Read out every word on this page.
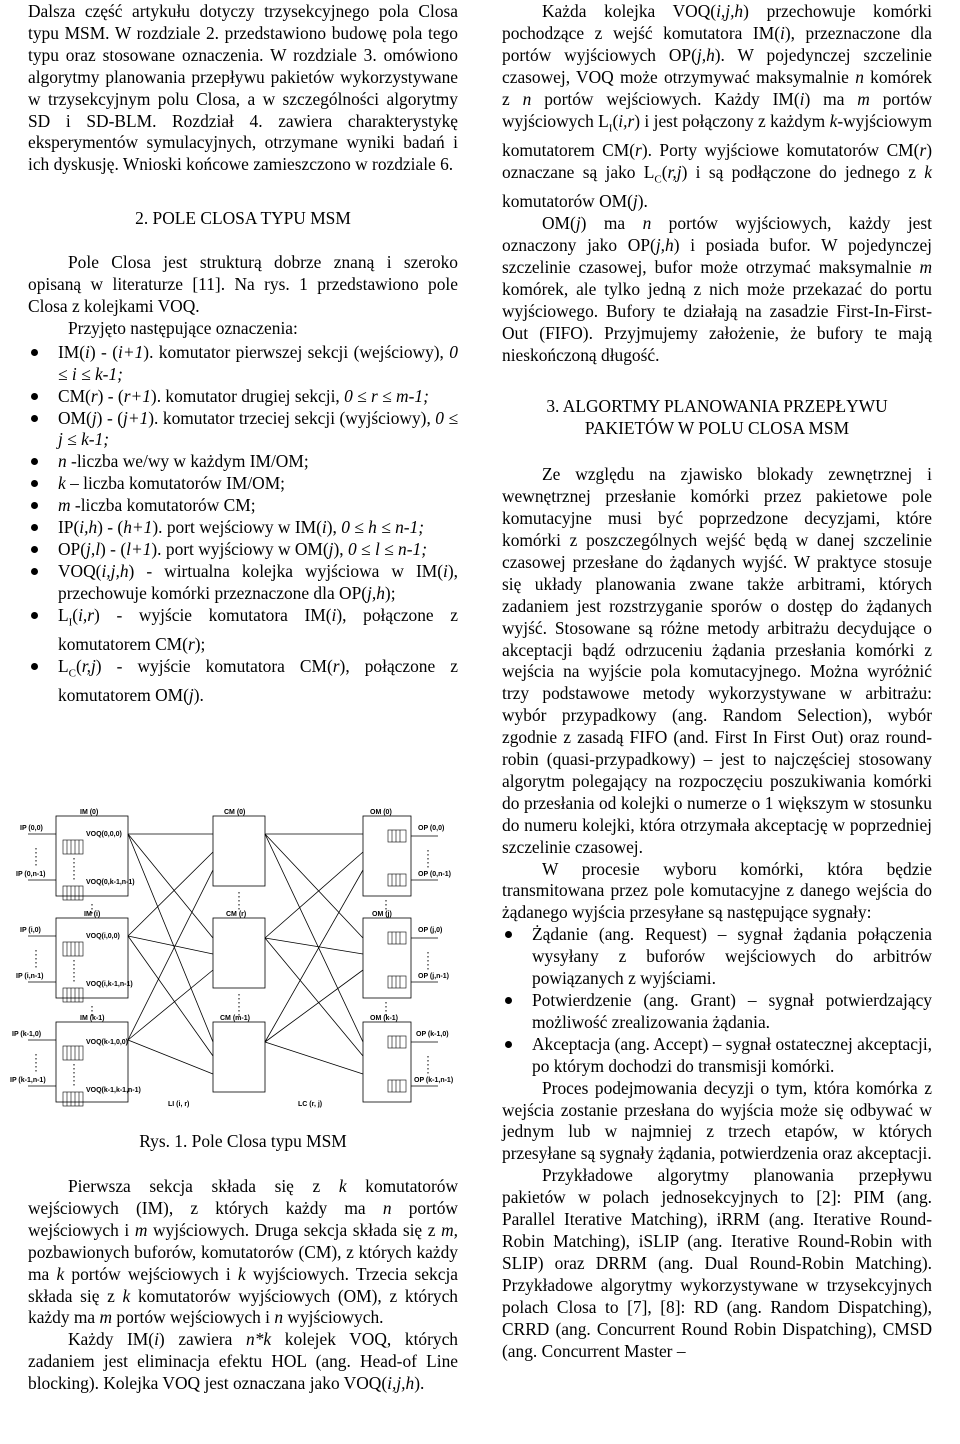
Dalsza część artykułu dotyczy trzysekcyjnego pola Closa typu MSM. W rozdziale 2. przedstawiono budowę pola tego typu oraz stosowane oznaczenia. W rozdziale 3. omówiono algorytmy planowania przepływu pakietów wykorzystywane w trzysekcyjnym polu Closa, a w szczególności algorytmy SD i SD-BLM. Rozdział 4. zawiera charakterystykę eksperymentów symulacyjnych, otrzymane wyniki badań i ich dyskusję. Wnioski końcowe zamieszczono w rozdziale 6.

2. POLE CLOSA TYPU MSM

Pole Closa jest strukturą dobrze znaną i szeroko opisaną w literaturze [11]. Na rys. 1 przedstawiono pole Closa z kolejkami VOQ.

Przyjęto następujące oznaczenia:

IM(i) - (i+1). komutator pierwszej sekcji (wejściowy), 0 ≤ i ≤ k-1;
CM(r) - (r+1). komutator drugiej sekcji, 0 ≤ r ≤ m-1;
OM(j) - (j+1). komutator trzeciej sekcji (wyjściowy), 0 ≤ j ≤ k-1;
n -liczba we/wy w każdym IM/OM;
k – liczba komutatorów IM/OM;
m -liczba komutatorów CM;
IP(i,h) - (h+1). port wejściowy w IM(i), 0 ≤ h ≤ n-1;
OP(j,l) - (l+1). port wyjściowy w OM(j), 0 ≤ l ≤ n-1;
VOQ(i,j,h) - wirtualna kolejka wyjściowa w IM(i), przechowuje komórki przeznaczone dla OP(j,h);
$L_I(i,r)$ - wyjście komutatora IM(i), połączone z komutatorem CM(r);
$L_C(r,j)$ - wyjście komutatora CM(r), połączone z komutatorem OM(j).
IM (0)
IM (i)
IM (k-1)
CM (0)
CM (r)
CM (m-1)
OM (0)
OM (j)
OM (k-1)
IP (0,0)
IP (0,n-1)
IP (i,0)
IP (i,n-1)
IP (k-1,0)
IP (k-1,n-1)
VOQ(0,0,0)
VOQ(0,k-1,n-1)
VOQ(i,0,0)
VOQ(i,k-1,n-1)
VOQ(k-1,0,0)
VOQ(k-1,k-1,n-1)
OP (0,0)
OP (0,n-1)
OP (j,0)
OP (j,n-1)
OP (k-1,0)
OP (k-1,n-1)
LI (i, r)	LC (r, j)

Rys. 1. Pole Closa typu MSM

Pierwsza sekcja składa się z k komutatorów wejściowych (IM), z których każdy ma n portów wejściowych i m wyjściowych. Druga sekcja składa się z m, pozbawionych buforów, komutatorów (CM), z których każdy ma k portów wejściowych i k wyjściowych. Trzecia sekcja składa się z k komutatorów wyjściowych (OM), z których każdy ma m portów wejściowych i n wyjściowych.

Każdy IM(i) zawiera n*k kolejek VOQ, których zadaniem jest eliminacja efektu HOL (ang. Head-of Line blocking). Kolejka VOQ jest oznaczana jako VOQ(i,j,h).

Każda kolejka VOQ(i,j,h) przechowuje komórki pochodzące z wejść komutatora IM(i), przeznaczone dla portów wyjściowych OP(j,h). W pojedynczej szczelinie czasowej, VOQ może otrzymywać maksymalnie n komórek z n portów wejściowych. Każdy IM(i) ma m portów wyjściowych $L_I(i,r)$ i jest połączony z każdym k-wyjściowym komutatorem CM(r). Porty wyjściowe komutatorów CM(r) oznaczane są jako $L_C(r,j)$ i są podłączone do jednego z k komutatorów OM(j).

OM(j) ma n portów wyjściowych, każdy jest oznaczony jako OP(j,h) i posiada bufor. W pojedynczej szczelinie czasowej, bufor może otrzymać maksymalnie m komórek, ale tylko jedną z nich może przekazać do portu wyjściowego. Bufory te działają na zasadzie First-In-First-Out (FIFO). Przyjmujemy założenie, że bufory te mają nieskończoną długość.

3. ALGORTMY PLANOWANIA PRZEPŁYWU
PAKIETÓW W POLU CLOSA MSM

Ze względu na zjawisko blokady zewnętrznej i wewnętrznej przesłanie komórki przez pakietowe pole komutacyjne musi być poprzedzone decyzjami, które komórki z poszczególnych wejść będą w danej szczelinie czasowej przesłane do żądanych wyjść. W praktyce stosuje się układy planowania zwane także arbitrami, których zadaniem jest rozstrzyganie sporów o dostęp do żądanych wyjść. Stosowane są różne metody arbitrażu decydujące o akceptacji bądź odrzuceniu żądania przesłania komórki z wejścia na wyjście pola komutacyjnego. Można wyróżnić trzy podstawowe metody wykorzystywane w arbitrażu: wybór przypadkowy (ang. Random Selection), wybór zgodnie z zasadą FIFO (and. First In First Out) oraz round-robin (quasi-przypadkowy) – jest to najczęściej stosowany algorytm polegający na rozpoczęciu poszukiwania komórki do przesłania od kolejki o numerze o 1 większym w stosunku do numeru kolejki, która otrzymała akceptację w poprzedniej szczelinie czasowej.

W procesie wyboru komórki, która będzie transmitowana przez pole komutacyjne z danego wejścia do żądanego wyjścia przesyłane są następujące sygnały:

Żądanie (ang. Request) – sygnał żądania połączenia wysyłany z buforów wejściowych do arbitrów powiązanych z wyjściami.
Potwierdzenie (ang. Grant) – sygnał potwierdzający możliwość zrealizowania żądania.
Akceptacja (ang. Accept) – sygnał ostatecznej akceptacji, po którym dochodzi do transmisji komórki.

Proces podejmowania decyzji o tym, która komórka z wejścia zostanie przesłana do wyjścia może się odbywać w jednym lub w najmniej z trzech etapów, w których przesyłane są sygnały żądania, potwierdzenia oraz akceptacji.

Przykładowe algorytmy planowania przepływu pakietów w polach jednosekcyjnych to [2]: PIM (ang. Parallel Iterative Matching), iRRM (ang. Iterative Round-Robin Matching), iSLIP (ang. Iterative Round-Robin with SLIP) oraz DRRM (ang. Dual Round-Robin Matching). Przykładowe algorytmy wykorzystywane w trzysekcyjnych polach Closa to [7], [8]: RD (ang. Random Dispatching), CRRD (ang. Concurrent Round Robin Dispatching), CMSD (ang. Concurrent Master –
